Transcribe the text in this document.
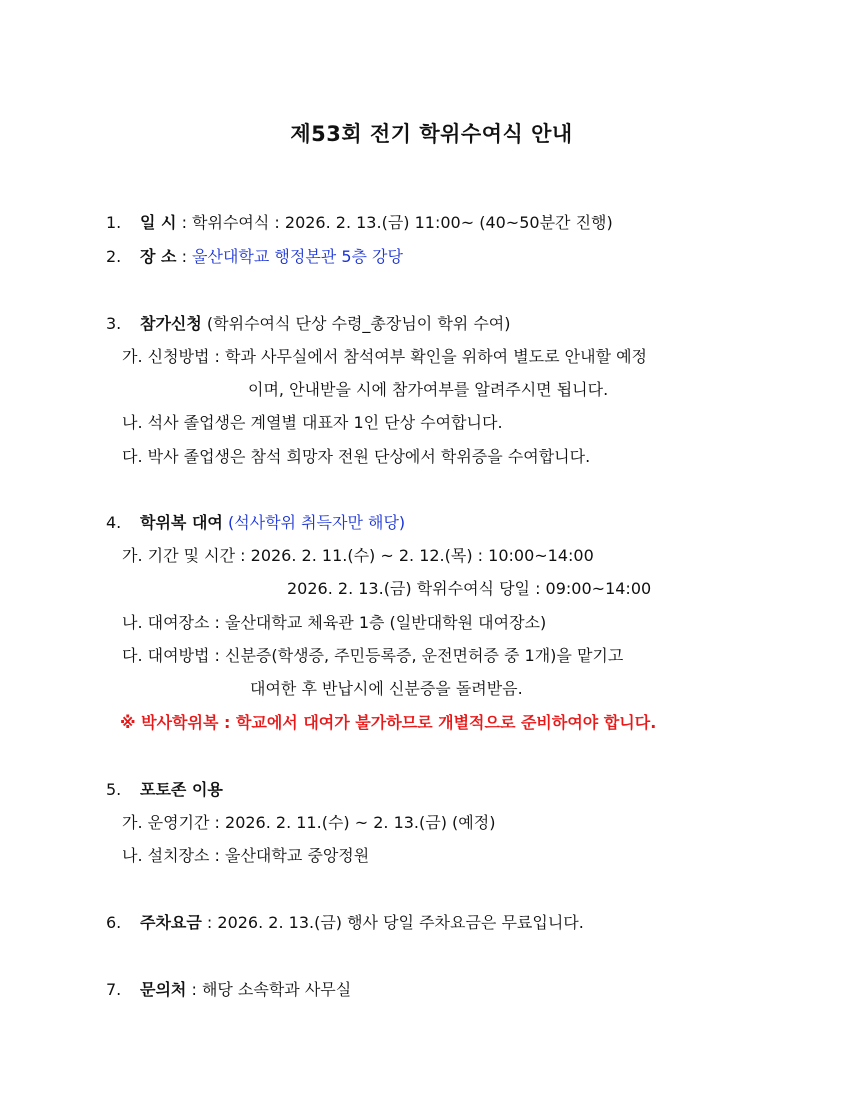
제53회 전기 학위수여식 안내
1. 일 시 : 학위수여식 : 2026. 2. 13.(금) 11:00~ (40~50분간 진행)
2. 장 소 : 울산대학교 행정본관 5층 강당
3. 참가신청 (학위수여식 단상 수령_총장님이 학위 수여)
가. 신청방법 : 학과 사무실에서 참석여부 확인을 위하여 별도로 안내할 예정
이며, 안내받을 시에 참가여부를 알려주시면 됩니다.
나. 석사 졸업생은 계열별 대표자 1인 단상 수여합니다.
다. 박사 졸업생은 참석 희망자 전원 단상에서 학위증을 수여합니다.
4. 학위복 대여 (석사학위 취득자만 해당)
가. 기간 및 시간 : 2026. 2. 11.(수) ~ 2. 12.(목) : 10:00~14:00
2026. 2. 13.(금) 학위수여식 당일 : 09:00~14:00
나. 대여장소 : 울산대학교 체육관 1층 (일반대학원 대여장소)
다. 대여방법 : 신분증(학생증, 주민등록증, 운전면허증 중 1개)을 맡기고
대여한 후 반납시에 신분증을 돌려받음.
※ 박사학위복 : 학교에서 대여가 불가하므로 개별적으로 준비하여야 합니다.
5. 포토존 이용
가. 운영기간 : 2026. 2. 11.(수) ~ 2. 13.(금) (예정)
나. 설치장소 : 울산대학교 중앙정원
6. 주차요금 : 2026. 2. 13.(금) 행사 당일 주차요금은 무료입니다.
7. 문의처 : 해당 소속학과 사무실
